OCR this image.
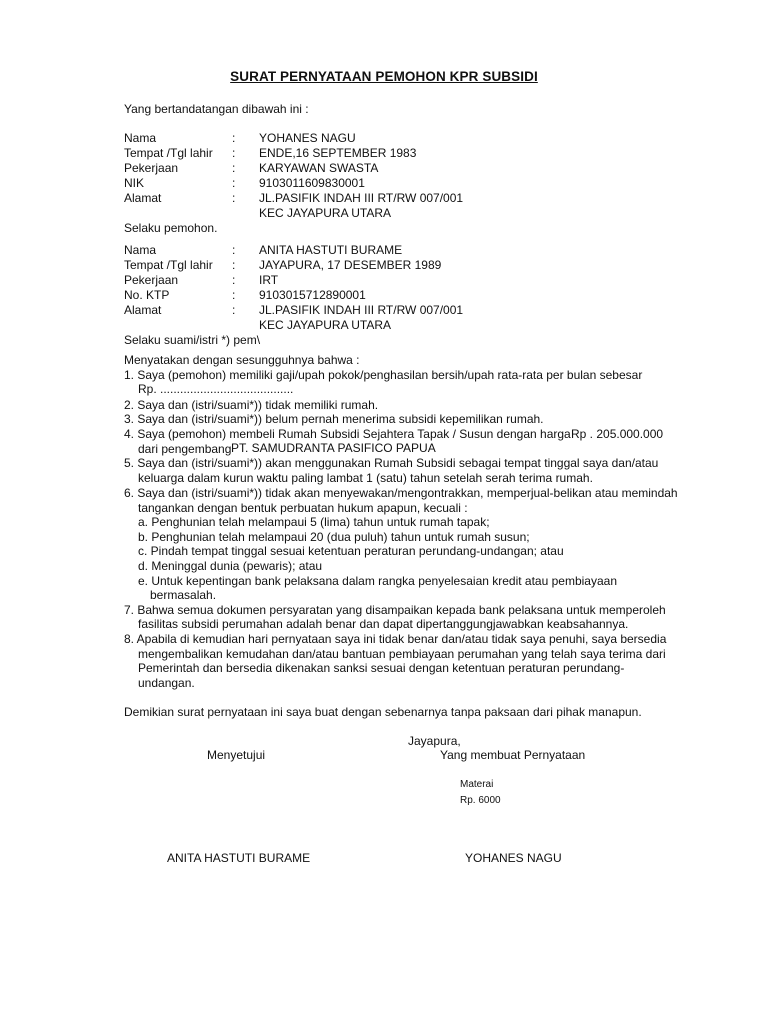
SURAT PERNYATAAN PEMOHON KPR SUBSIDI
Yang bertandatangan dibawah ini :
Nama	: YOHANES NAGU
Tempat /Tgl lahir : ENDE,16 SEPTEMBER 1983
Pekerjaan	: KARYAWAN SWASTA
NIK	: 9103011609830001
Alamat	: JL.PASIFIK INDAH III RT/RW 007/001
KEC JAYAPURA UTARA
Selaku pemohon.
Nama	: ANITA HASTUTI BURAME
Tempat /Tgl lahir : JAYAPURA, 17 DESEMBER 1989
Pekerjaan	: IRT
No. KTP	: 9103015712890001
Alamat	: JL.PASIFIK INDAH III RT/RW 007/001
KEC JAYAPURA UTARA
Selaku suami/istri *) pem\
Menyatakan dengan sesungguhnya bahwa :
1. Saya (pemohon) memiliki gaji/upah pokok/penghasilan bersih/upah rata-rata per bulan sebesar
Rp. ........................................
2. Saya dan (istri/suami*)) tidak memiliki rumah.
3. Saya dan (istri/suami*)) belum pernah menerima subsidi kepemilikan rumah.
4. Saya (pemohon) membeli Rumah Subsidi Sejahtera Tapak / Susun dengan harga Rp . 205.000.000
dari pengembang PT. SAMUDRANTA PASIFICO PAPUA
5. Saya dan (istri/suami*)) akan menggunakan Rumah Subsidi sebagai tempat tinggal saya dan/atau
keluarga dalam kurun waktu paling lambat 1 (satu) tahun setelah serah terima rumah.
6. Saya dan (istri/suami*)) tidak akan menyewakan/mengontrakkan, memperjual-belikan atau memindah
tangankan dengan bentuk perbuatan hukum apapun, kecuali :
a. Penghunian telah melampaui 5 (lima) tahun untuk rumah tapak;
b. Penghunian telah melampaui 20 (dua puluh) tahun untuk rumah susun;
c. Pindah tempat tinggal sesuai ketentuan peraturan perundang-undangan; atau
d. Meninggal dunia (pewaris); atau
e. Untuk kepentingan bank pelaksana dalam rangka penyelesaian kredit atau pembiayaan
bermasalah.
7. Bahwa semua dokumen persyaratan yang disampaikan kepada bank pelaksana untuk memperoleh
fasilitas subsidi perumahan adalah benar dan dapat dipertanggungjawabkan keabsahannya.
8. Apabila di kemudian hari pernyataan saya ini tidak benar dan/atau tidak saya penuhi, saya bersedia
mengembalikan kemudahan dan/atau bantuan pembiayaan perumahan yang telah saya terima dari
Pemerintah dan bersedia dikenakan sanksi sesuai dengan ketentuan peraturan perundang-
undangan.
Demikian surat pernyataan ini saya buat dengan sebenarnya tanpa paksaan dari pihak manapun.
Jayapura,
Menyetujui	Yang membuat Pernyataan
Materai
Rp. 6000
ANITA HASTUTI BURAME	YOHANES NAGU
